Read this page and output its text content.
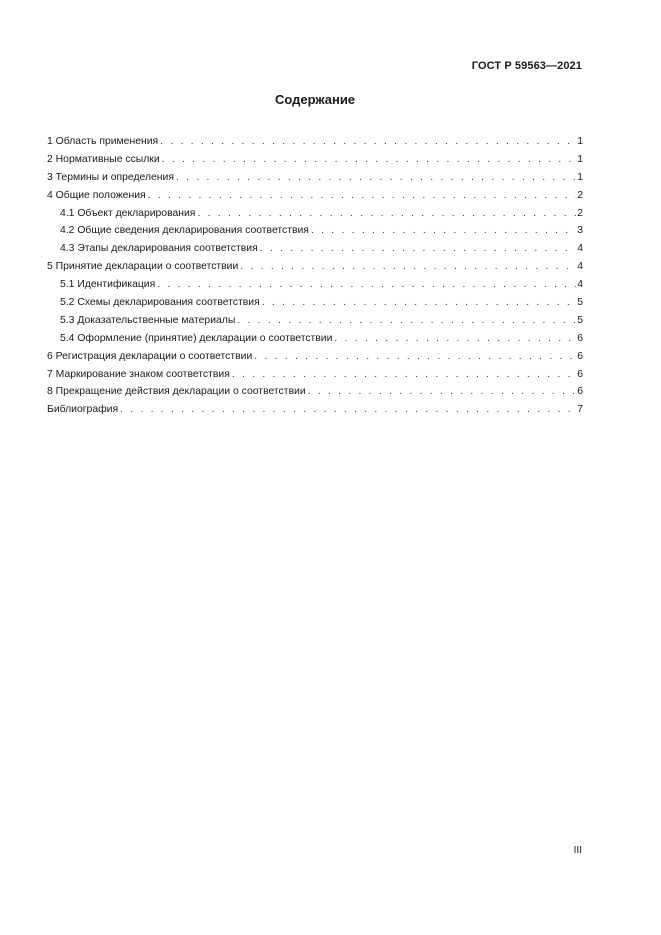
ГОСТ Р 59563—2021
Содержание
1 Область применения . . .	1
2 Нормативные ссылки . . .	1
3 Термины и определения . . .	1
4 Общие положения . . .	2
4.1 Объект декларирования . . .	2
4.2 Общие сведения декларирования соответствия . . .	3
4.3 Этапы декларирования соответствия . . .	4
5 Принятие декларации о соответствии . . .	4
5.1 Идентификация . . .	4
5.2 Схемы декларирования соответствия . . .	5
5.3 Доказательственные материалы . . .	5
5.4 Оформление (принятие) декларации о соответствии . . .	6
6 Регистрация декларации о соответствии . . .	6
7 Маркирование знаком соответствия . . .	6
8 Прекращение действия декларации о соответствии . . .	6
Библиография . . .	7
III
